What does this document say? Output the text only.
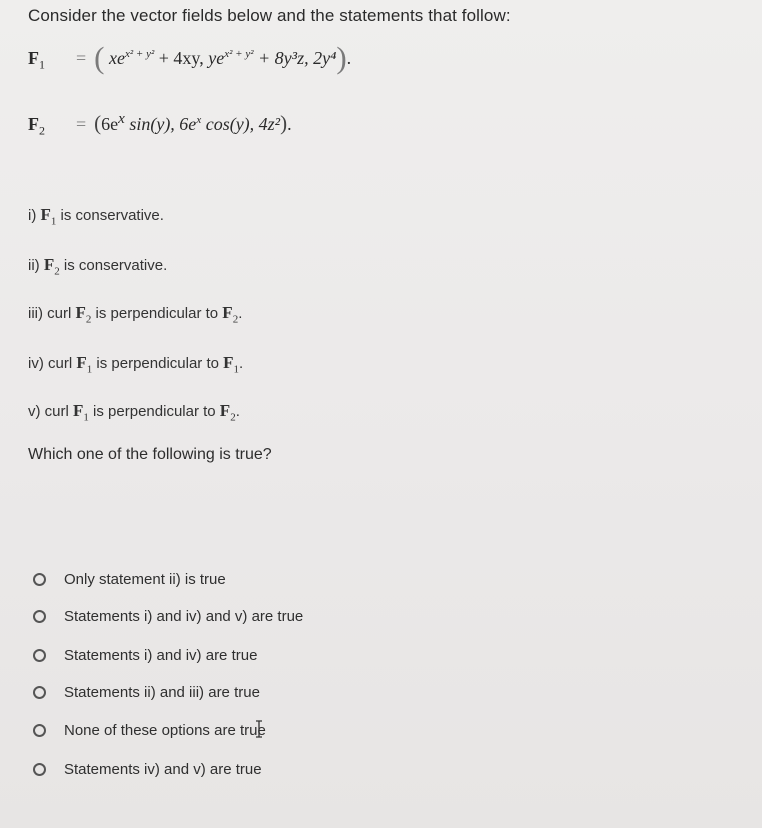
Consider the vector fields below and the statements that follow:
$F_1$ = ( $xe^{x^2 + y^2} + 4xy$, $ye^{x^2 + y^2} + 8y^3z$, 2y⁴).
$F_2 = (6e^x$ sin(y), $6e^x$ cos(y), 4z²).
i) $F_1$ is conservative.
ii) $F_2$ is conservative.
iii) curl $F_2$ is perpendicular to $F_2$.
iv) curl $F_1$ is perpendicular to $F_1$.
v) curl $F_1$ is perpendicular to $F_2$.
Which one of the following is true?
Only statement ii) is true
Statements i) and iv) and v) are true
Statements i) and iv) are true
Statements ii) and iii) are true
None of these options are true
Statements iv) and v) are true
